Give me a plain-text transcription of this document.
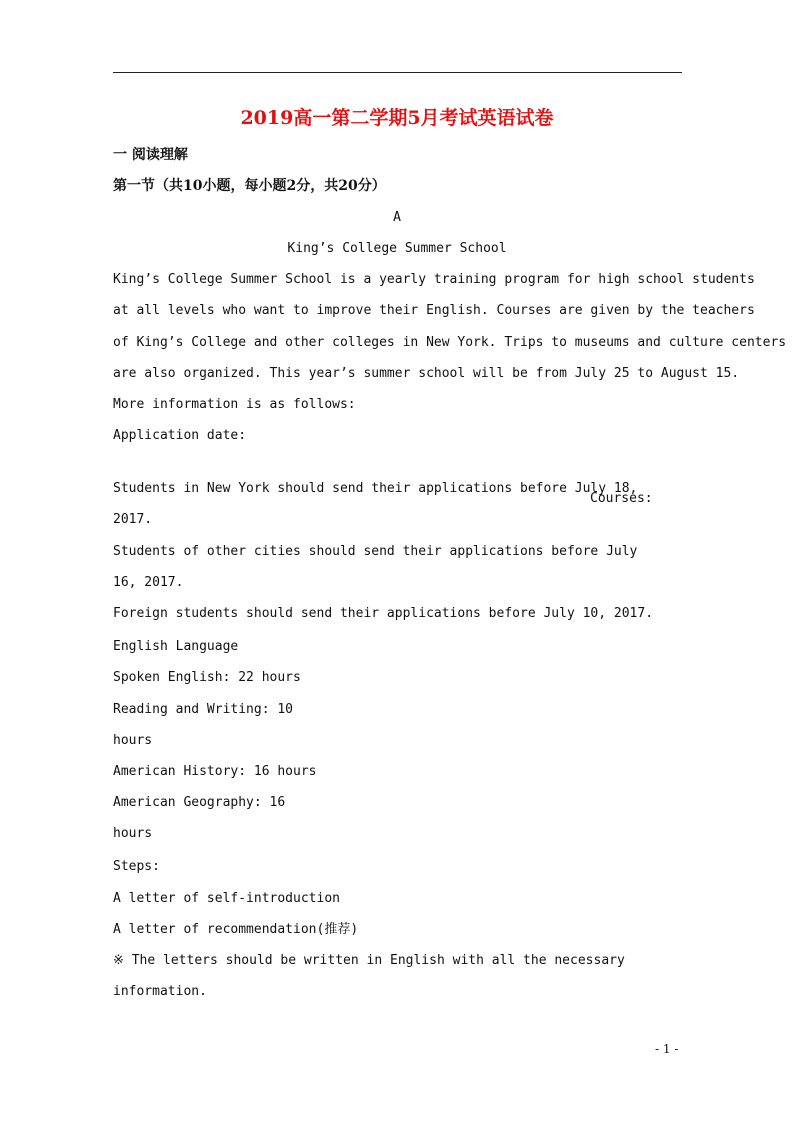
2019高一第二学期5月考试英语试卷
一 阅读理解
第一节（共10小题，每小题2分，共20分）
A
King’s College Summer School
King’s College Summer School is a yearly training program for high school students
at all levels who want to improve their English. Courses are given by the teachers
of King’s College and other colleges in New York. Trips to museums and culture centers
are also organized. This year’s summer school will be from July 25 to August 15.
More information is as follows:
Application date:
Students in New York should send their applications before July 18,
Courses:
2017.
Students of other cities should send their applications before July
16, 2017.
Foreign students should send their applications before July 10, 2017.
English Language
Spoken English: 22 hours
Reading and Writing: 10
hours
American History: 16 hours
American Geography: 16
hours
Steps:
A letter of self-introduction
A letter of recommendation(推荐)
※ The letters should be written in English with all the necessary
information.
- 1 -
